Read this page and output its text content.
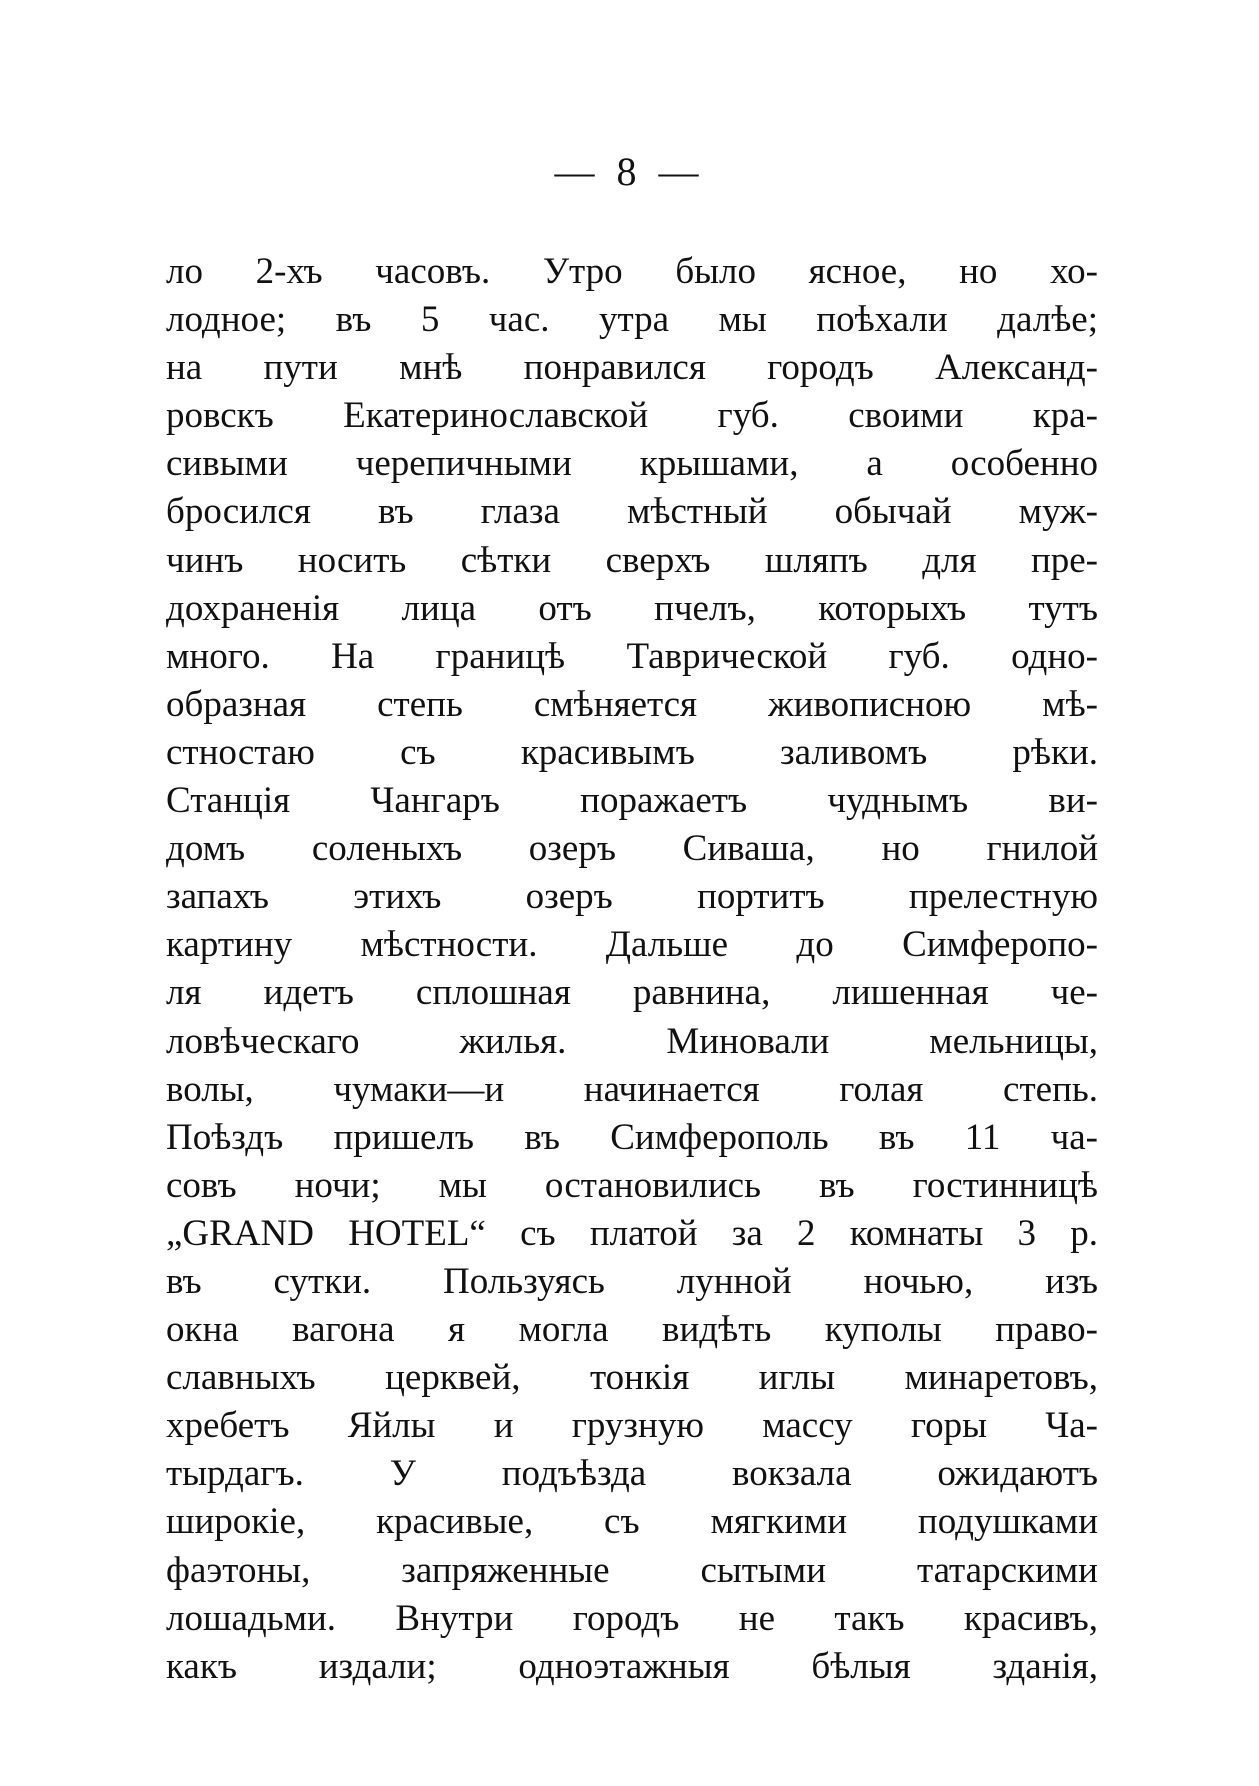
— 8 —
ло 2-хъ часовъ. Утро было ясное, но хо-
лодное; въ 5 час. утра мы поѣхали далѣе;
на пути мнѣ понравился городъ Александ-
ровскъ Екатеринославской губ. своими кра-
сивыми черепичными крышами, а особенно
бросился въ глаза мѣстный обычай муж-
чинъ носить сѣтки сверхъ шляпъ для пре-
дохраненія лица отъ пчелъ, которыхъ тутъ
много. На границѣ Таврической губ. одно-
образная степь смѣняется живописною мѣ-
стностаю съ красивымъ заливомъ рѣки.
Станція Чангаръ поражаетъ чуднымъ ви-
домъ соленыхъ озеръ Сиваша, но гнилой
запахъ этихъ озеръ портитъ прелестную
картину мѣстности. Дальше до Симферопо-
ля идетъ сплошная равнина, лишенная че-
ловѣческаго жилья. Миновали мельницы,
волы, чумаки—и начинается голая степь.
Поѣздъ пришелъ въ Симферополь въ 11 ча-
совъ ночи; мы остановились въ гостинницѣ
„GRAND HOTEL“ съ платой за 2 комнаты 3 р.
въ сутки. Пользуясь лунной ночью, изъ
окна вагона я могла видѣть куполы право-
славныхъ церквей, тонкія иглы минаретовъ,
хребетъ Яйлы и грузную массу горы Ча-
тырдагъ. У подъѣзда вокзала ожидаютъ
широкіе, красивые, съ мягкими подушками
фаэтоны, запряженные сытыми татарскими
лошадьми. Внутри городъ не такъ красивъ,
какъ издали; одноэтажныя бѣлыя зданія,
